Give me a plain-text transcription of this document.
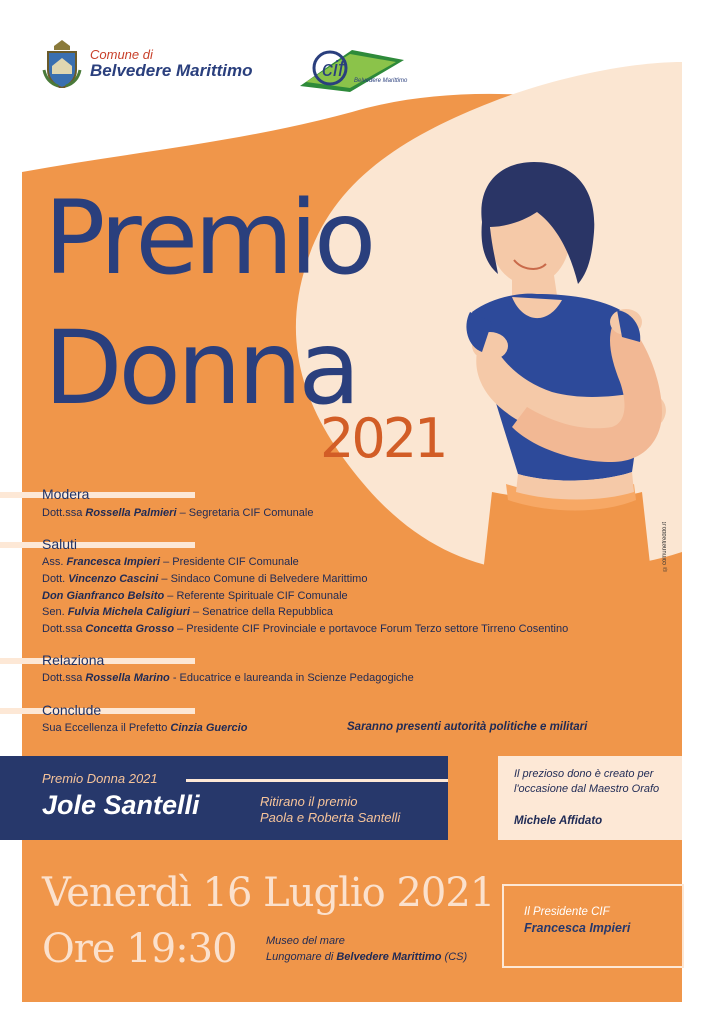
©comunefreddo.it
Comune di
Belvedere Marittimo	cif	Belvedere Marittimo
Premio
Donna
2021
Modera
Dott.ssa Rossella Palmieri – Segretaria CIF Comunale
Saluti
Ass. Francesca Impieri – Presidente CIF Comunale
Dott. Vincenzo Cascini – Sindaco Comune di Belvedere Marittimo
Don Gianfranco Belsito – Referente Spirituale CIF Comunale
Sen. Fulvia Michela Caligiuri – Senatrice della Repubblica
Dott.ssa Concetta Grosso – Presidente CIF Provinciale e portavoce Forum Terzo settore Tirreno Cosentino
Relaziona
Dott.ssa Rossella Marino - Educatrice e laureanda in Scienze Pedagogiche
Conclude
Sua Eccellenza il Prefetto Cinzia Guercio	Saranno presenti autorità politiche e militari
Premio Donna 2021
Jole Santelli	Ritirano il premio
Paola e Roberta Santelli
Il prezioso dono è creato per l'occasione dal Maestro Orafo
Michele Affidato
Venerdì 16 Luglio 2021
Ore 19:30	Museo del mare
Lungomare di Belvedere Marittimo (CS)
Il Presidente CIF
Francesca Impieri
